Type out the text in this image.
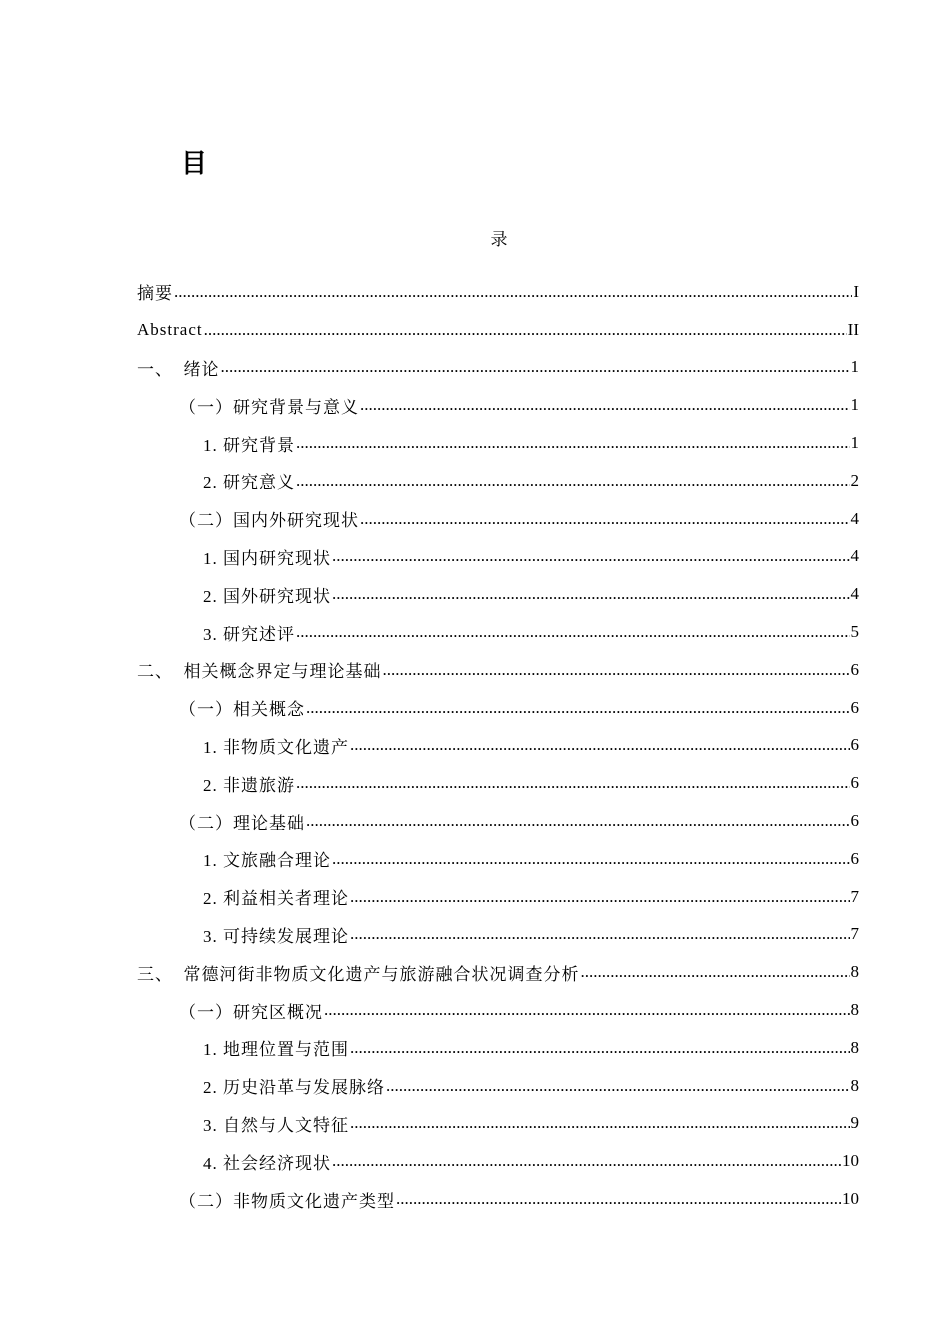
目
录
摘要 .....	I
Abstract .....	II
一、  绪论 .....	1
（一）研究背景与意义 .....	1
1. 研究背景 .....	1
2. 研究意义 .....	2
（二）国内外研究现状 .....	4
1. 国内研究现状 .....	4
2. 国外研究现状 .....	4
3. 研究述评 .....	5
二、  相关概念界定与理论基础 .....	6
（一）相关概念 .....	6
1. 非物质文化遗产 .....	6
2. 非遗旅游 .....	6
（二）理论基础 .....	6
1. 文旅融合理论 .....	6
2. 利益相关者理论 .....	7
3. 可持续发展理论 .....	7
三、  常德河街非物质文化遗产与旅游融合状况调查分析 .....	8
（一）研究区概况 .....	8
1. 地理位置与范围 .....	8
2. 历史沿革与发展脉络 .....	8
3. 自然与人文特征 .....	9
4. 社会经济现状 .....	10
（二）非物质文化遗产类型 .....	10
